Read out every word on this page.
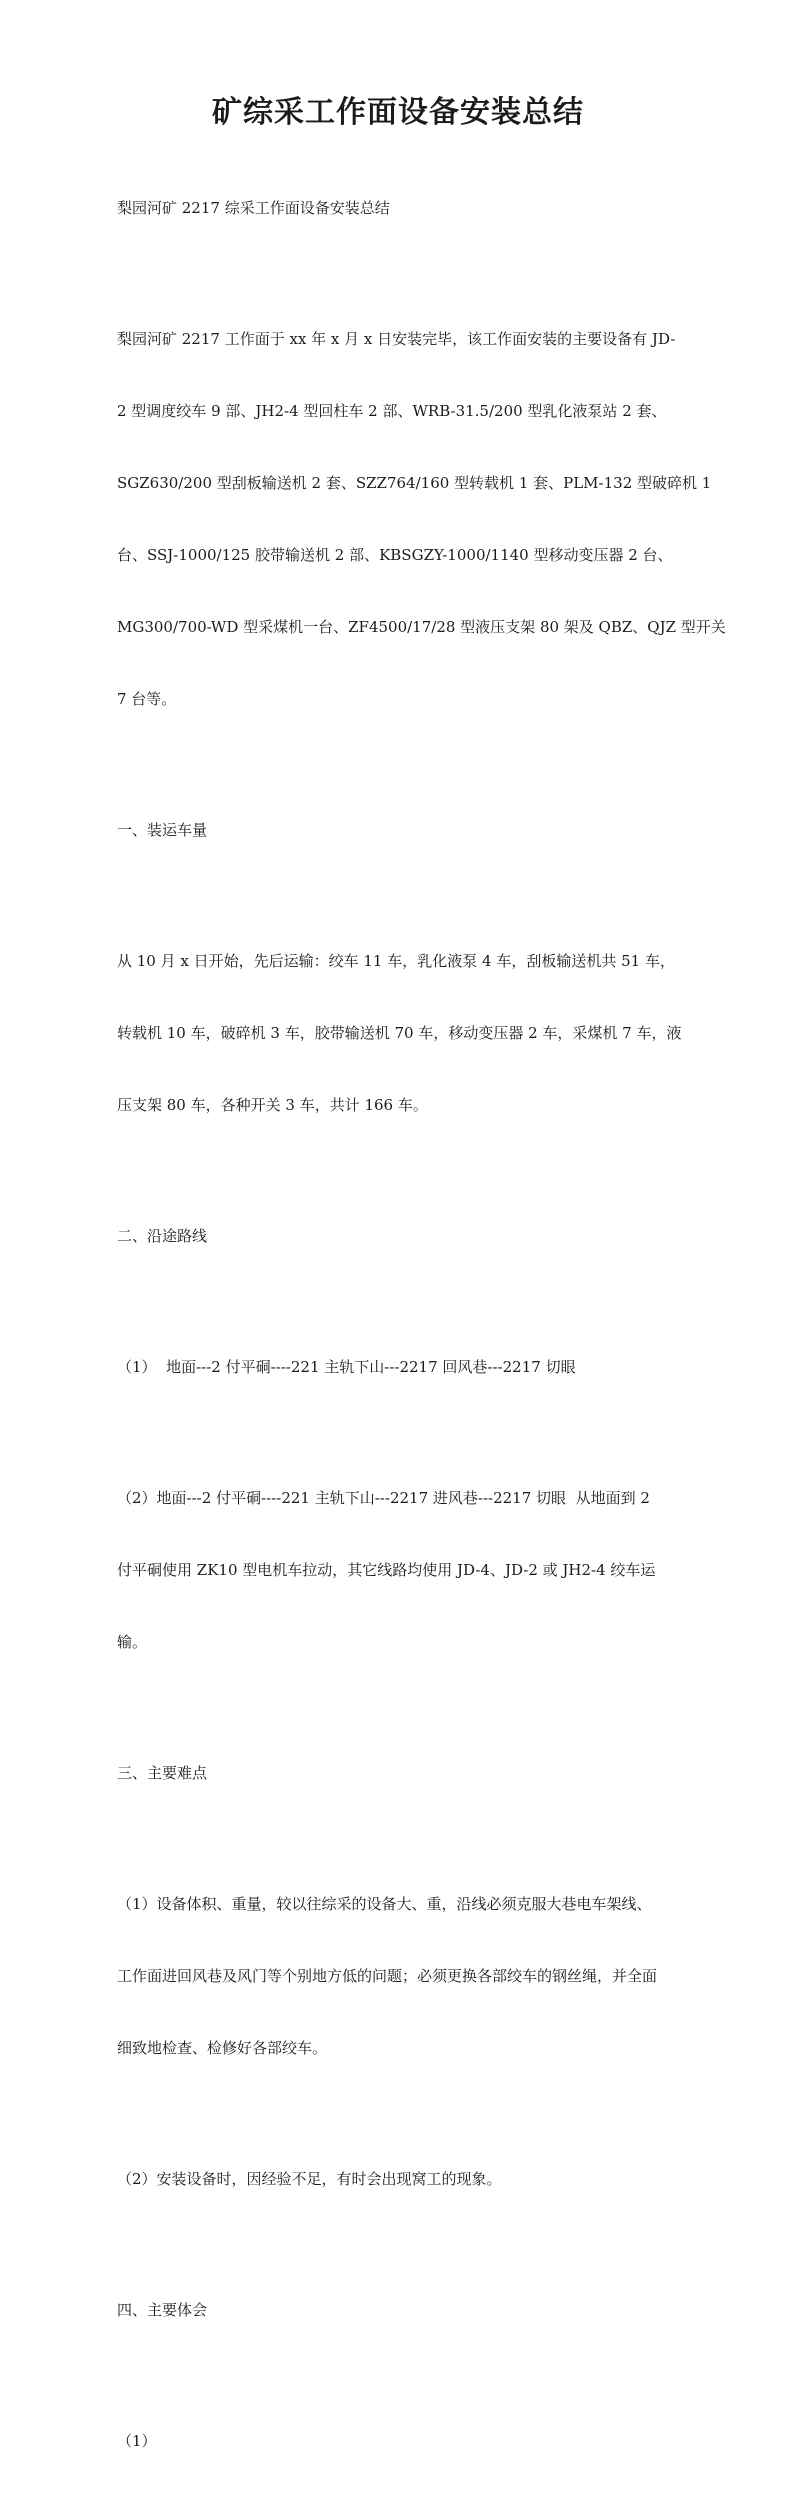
矿综采工作面设备安装总结

梨园河矿 2217 综采工作面设备安装总结

梨园河矿 2217 工作面于 xx 年 x 月 x 日安装完毕，该工作面安装的主要设备有 JD-

2 型调度绞车 9 部、JH2-4 型回柱车 2 部、WRB-31.5/200 型乳化液泵站 2 套、

SGZ630/200 型刮板输送机 2 套、SZZ764/160 型转载机 1 套、PLM-132 型破碎机 1

台、SSJ-1000/125 胶带输送机 2 部、KBSGZY-1000/1140 型移动变压器 2 台、

MG300/700-WD 型采煤机一台、ZF4500/17/28 型液压支架 80 架及 QBZ、QJZ 型开关

7 台等。

一、装运车量

从 10 月 x 日开始，先后运输：绞车 11 车，乳化液泵 4 车，刮板输送机共 51 车，

转载机 10 车，破碎机 3 车，胶带输送机 70 车，移动变压器 2 车，采煤机 7 车，液

压支架 80 车，各种开关 3 车，共计 166 车。

二、沿途路线

（1）  地面---2 付平硐----221 主轨下山---2217 回风巷---2217 切眼

（2）地面---2 付平硐----221 主轨下山---2217 进风巷---2217 切眼  从地面到 2

付平硐使用 ZK10 型电机车拉动，其它线路均使用 JD-4、JD-2 或 JH2-4 绞车运

输。

三、主要难点

（1）设备体积、重量，较以往综采的设备大、重，沿线必须克服大巷电车架线、

工作面进回风巷及风门等个别地方低的问题；必须更换各部绞车的钢丝绳，并全面

细致地检查、检修好各部绞车。

（2）安装设备时，因经验不足，有时会出现窝工的现象。

四、主要体会

（1）
